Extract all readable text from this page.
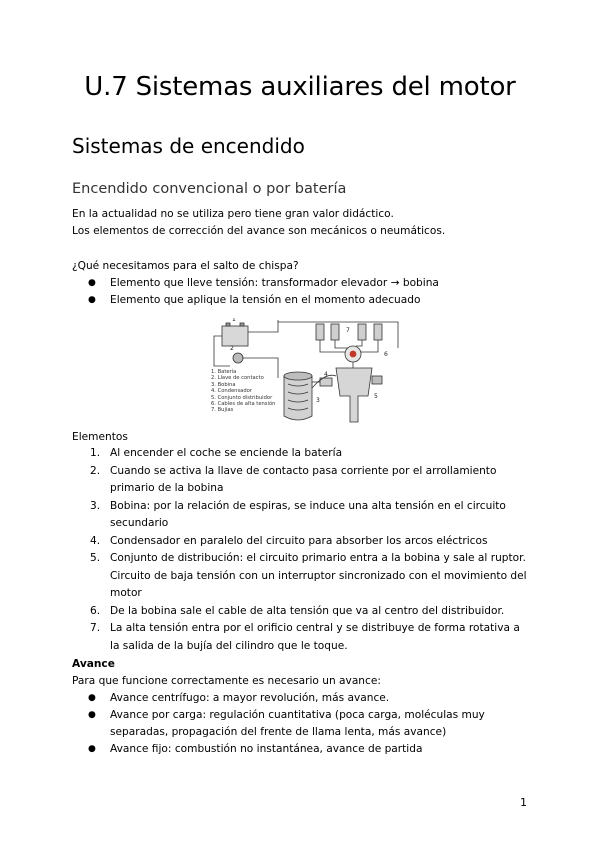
U.7 Sistemas auxiliares del motor
Sistemas de encendido
Encendido convencional o por batería

En la actualidad no se utiliza pero tiene gran valor didáctico.

Los elementos de corrección del avance son mecánicos o neumáticos.

¿Qué necesitamos para el salto de chispa?

● Elemento que lleve tensión: transformador elevador → bobina
● Elemento que aplique la tensión en el momento adecuado
1
2
3
4
5
6
7
1. Batería
2. Llave de contacto
3. Bobina
4. Condensador
5. Conjunto distribuidor
6. Cables de alta tensión
7. Bujías

Elementos

1. Al encender el coche se enciende la batería
2. Cuando se activa la llave de contacto pasa corriente por el arrollamiento primario de la bobina
3. Bobina: por la relación de espiras, se induce una alta tensión en el circuito secundario
4. Condensador en paralelo del circuito para absorber los arcos eléctricos
5. Conjunto de distribución: el circuito primario entra a la bobina y sale al ruptor. Circuito de baja tensión con un interruptor sincronizado con el movimiento del motor
6. De la bobina sale el cable de alta tensión que va al centro del distribuidor.
7. La alta tensión entra por el orificio central y se distribuye de forma rotativa a la salida de la bujía del cilindro que le toque.

Avance

Para que funcione correctamente es necesario un avance:

● Avance centrífugo: a mayor revolución, más avance.
● Avance por carga: regulación cuantitativa (poca carga, moléculas muy separadas, propagación del frente de llama lenta, más avance)
● Avance fijo: combustión no instantánea, avance de partida
1
